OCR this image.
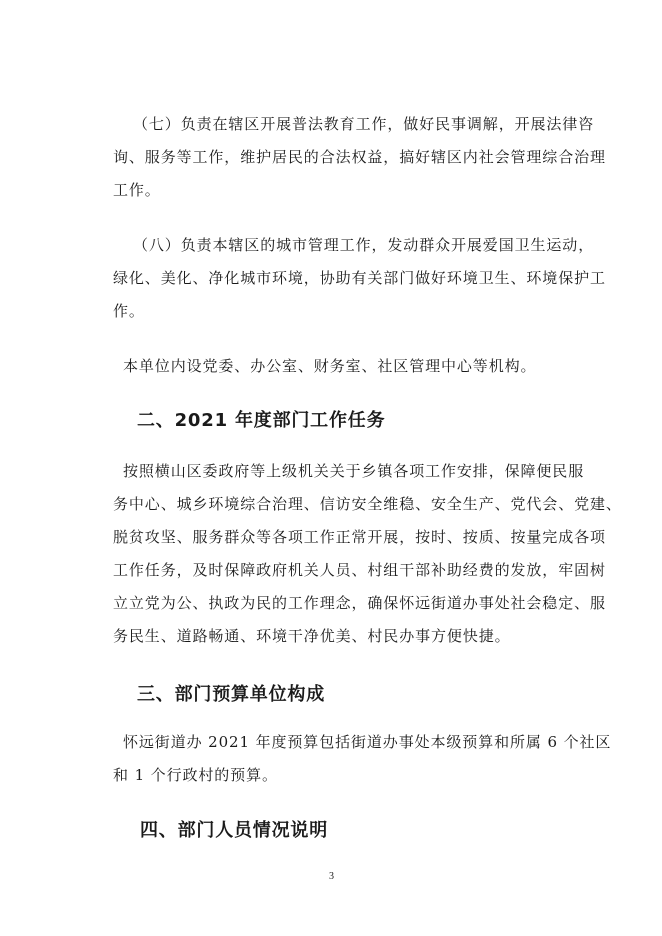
（七）负责在辖区开展普法教育工作，做好民事调解，开展法律咨
询、服务等工作，维护居民的合法权益，搞好辖区内社会管理综合治理
工作。
（八）负责本辖区的城市管理工作，发动群众开展爱国卫生运动，
绿化、美化、净化城市环境，协助有关部门做好环境卫生、环境保护工
作。
本单位内设党委、办公室、财务室、社区管理中心等机构。
二、2021 年度部门工作任务
按照横山区委政府等上级机关关于乡镇各项工作安排，保障便民服
务中心、城乡环境综合治理、信访安全维稳、安全生产、党代会、党建、
脱贫攻坚、服务群众等各项工作正常开展，按时、按质、按量完成各项
工作任务，及时保障政府机关人员、村组干部补助经费的发放，牢固树
立立党为公、执政为民的工作理念，确保怀远街道办事处社会稳定、服
务民生、道路畅通、环境干净优美、村民办事方便快捷。
三、部门预算单位构成
怀远街道办 2021 年度预算包括街道办事处本级预算和所属 6 个社区
和 1 个行政村的预算。
四、部门人员情况说明
3
